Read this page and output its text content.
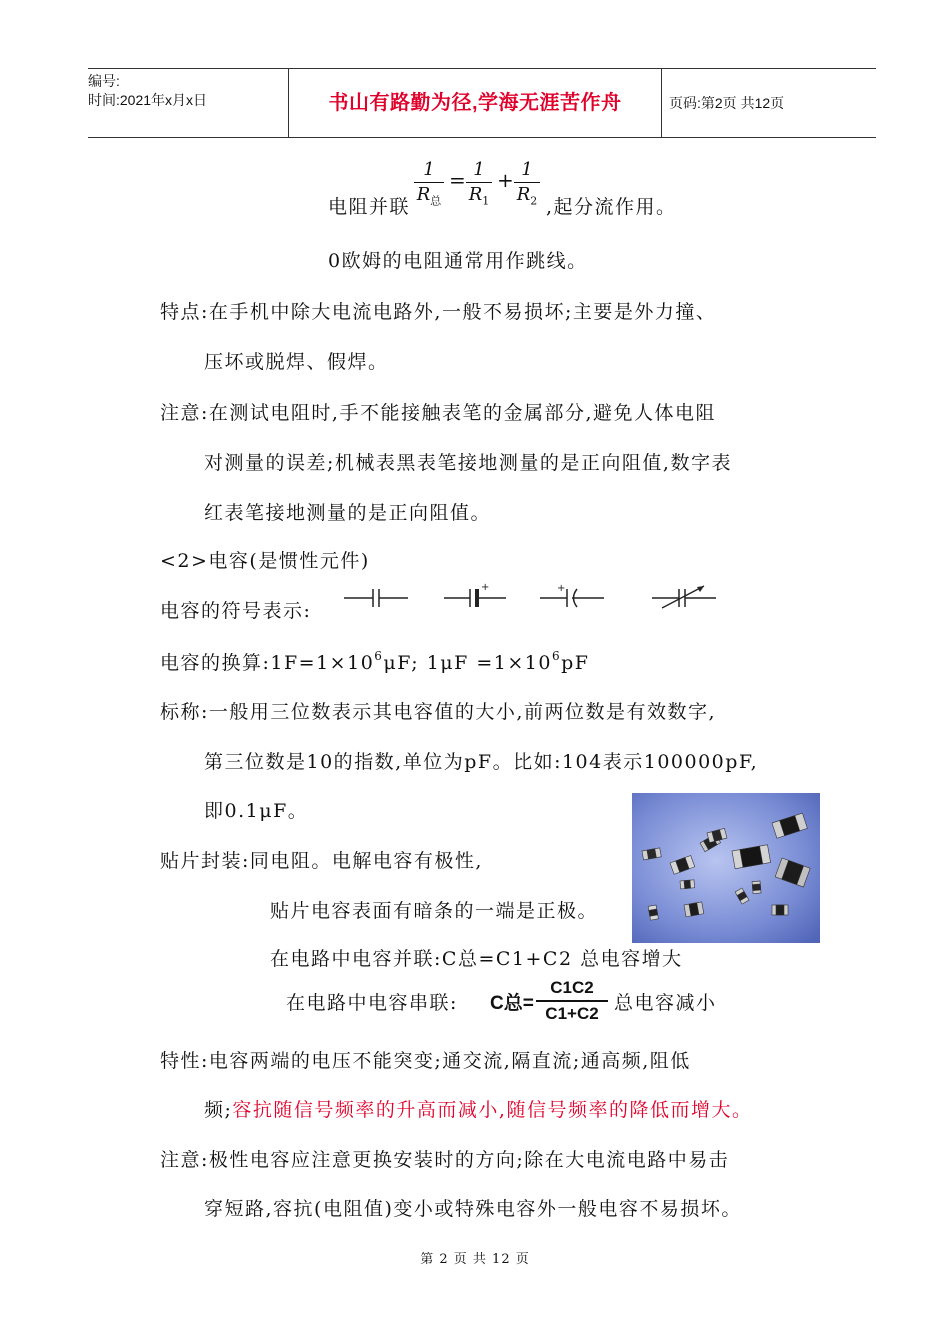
编号:
时间:2021年x月x日	书山有路勤为径,学海无涯苦作舟	页码:第2页 共12页
电阻并联
1
$R_总$
= $\frac{1}{R_1} + \frac{1}{R_2}$ ,起分流作用。
0欧姆的电阻通常用作跳线。
特点:在手机中除大电流电路外,一般不易损坏;主要是外力撞、
压坏或脱焊、假焊。
注意:在测试电阻时,手不能接触表笔的金属部分,避免人体电阻
对测量的误差;机械表黑表笔接地测量的是正向阻值,数字表
红表笔接地测量的是正向阻值。
<2>电容(是惯性元件)
电容的符号表示:
+	+
电容的换算$:1F=1\times 10^6\mu F$; $1\mu F =1\times 10^6pF$
标称:一般用三位数表示其电容值的大小,前两位数是有效数字,
第三位数是10的指数,单位为pF。比如:104表示100000pF,
即0.1μF。
贴片封装:同电阻。电解电容有极性,
贴片电容表面有暗条的一端是正极。
在电路中电容并联:C总=C1+C2 总电容增大
在电路中电容串联: C总= $\frac{C1C2}{C1+C2}$ 总电容减小
特性:电容两端的电压不能突变;通交流,隔直流;通高频,阻低
频;容抗随信号频率的升高而减小,随信号频率的降低而增大。
注意:极性电容应注意更换安装时的方向;除在大电流电路中易击
穿短路,容抗(电阻值)变小或特殊电容外一般电容不易损坏。
第 2 页 共 12 页
